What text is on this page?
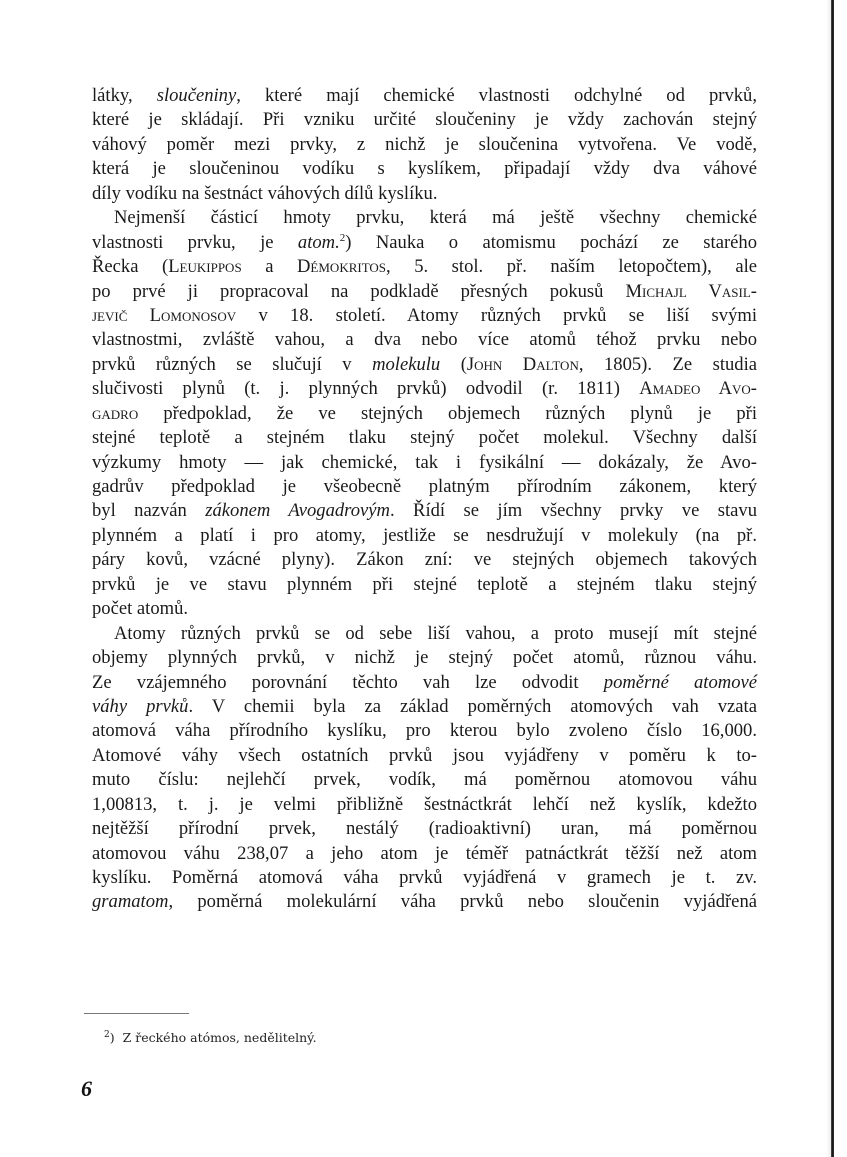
látky, sloučeniny, které mají chemické vlastnosti odchylné od prvků,
které je skládají. Při vzniku určité sloučeniny je vždy zachován stejný
váhový poměr mezi prvky, z nichž je sloučenina vytvořena. Ve vodě,
která je sloučeninou vodíku s kyslíkem, připadají vždy dva váhové
díly vodíku na šestnáct váhových dílů kyslíku.
Nejmenší částicí hmoty prvku, která má ještě všechny chemické
vlastnosti prvku, je atom.$^2$) Nauka o atomismu pochází ze starého
Řecka (Leukippos a Démokritos, 5. stol. př. naším letopočtem), ale
po prvé ji propracoval na podkladě přesných pokusů Michajl Vasil-
jevič Lomonosov v 18. století. Atomy různých prvků se liší svými
vlastnostmi, zvláště vahou, a dva nebo více atomů téhož prvku nebo
prvků různých se slučují v molekulu (John Dalton, 1805). Ze studia
slučivosti plynů (t. j. plynných prvků) odvodil (r. 1811) Amadeo Avo-
gadro předpoklad, že ve stejných objemech různých plynů je při
stejné teplotě a stejném tlaku stejný počet molekul. Všechny další
výzkumy hmoty — jak chemické, tak i fysikální — dokázaly, že Avo-
gadrův předpoklad je všeobecně platným přírodním zákonem, který
byl nazván zákonem Avogadrovým. Řídí se jím všechny prvky ve stavu
plynném a platí i pro atomy, jestliže se nesdružují v molekuly (na př.
páry kovů, vzácné plyny). Zákon zní: ve stejných objemech takových
prvků je ve stavu plynném při stejné teplotě a stejném tlaku stejný
počet atomů.
Atomy různých prvků se od sebe liší vahou, a proto musejí mít stejné
objemy plynných prvků, v nichž je stejný počet atomů, různou váhu.
Ze vzájemného porovnání těchto vah lze odvodit poměrné atomové
váhy prvků. V chemii byla za základ poměrných atomových vah vzata
atomová váha přírodního kyslíku, pro kterou bylo zvoleno číslo 16,000.
Atomové váhy všech ostatních prvků jsou vyjádřeny v poměru k to-
muto číslu: nejlehčí prvek, vodík, má poměrnou atomovou váhu
1,00813, t. j. je velmi přibližně šestnáctkrát lehčí než kyslík, kdežto
nejtěžší přírodní prvek, nestálý (radioaktivní) uran, má poměrnou
atomovou váhu 238,07 a jeho atom je téměř patnáctkrát těžší než atom
kyslíku. Poměrná atomová váha prvků vyjádřená v gramech je t. zv.
gramatom, poměrná molekulární váha prvků nebo sloučenin vyjádřená
$^2$) Z řeckého atómos, nedělitelný.
6
